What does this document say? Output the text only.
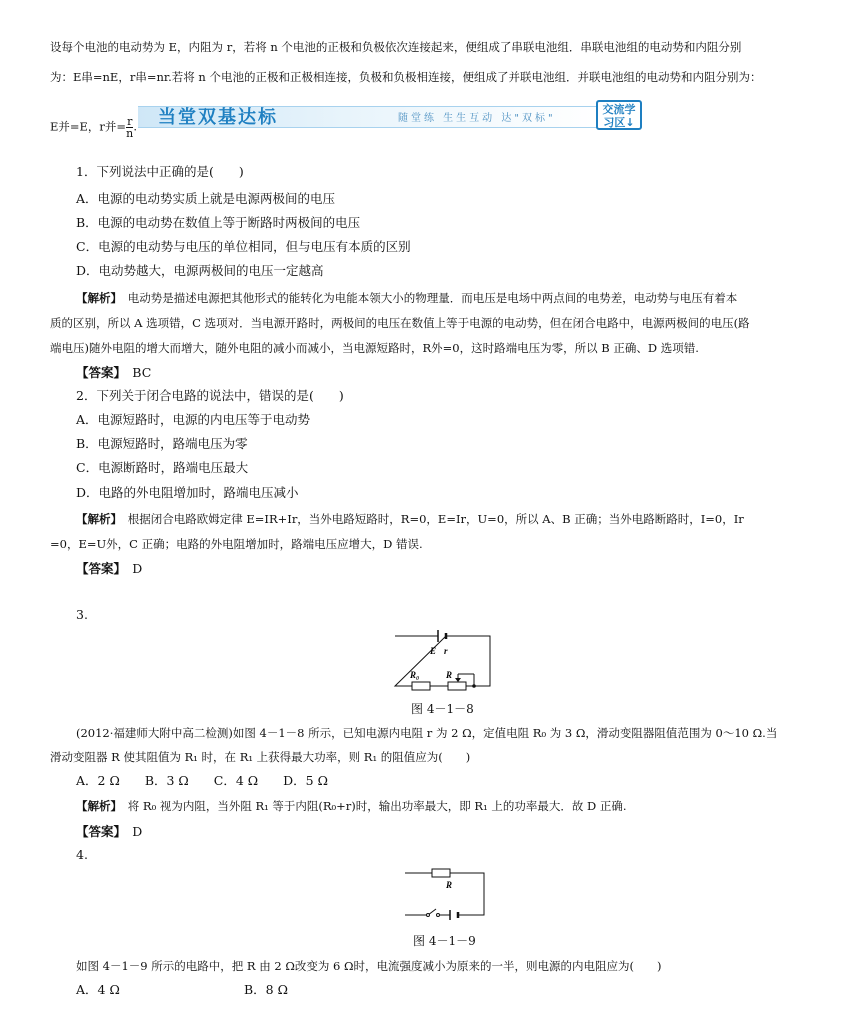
设每个电池的电动势为 E，内阻为 r，若将 n 个电池的正极和负极依次连接起来，便组成了串联电池组．串联电池组的电动势和内阻分别
为：E串=nE，r串=nr.若将 n 个电池的正极和正极相连接，负极和负极相连接，便组成了并联电池组．并联电池组的电动势和内阻分别为：
E并=E，r并= $\frac{r}{n}$ .	当堂双基达标	随堂练 生生互动 达"双标"
交流学
习区↓
1．下列说法中正确的是(　　)
A．电源的电动势实质上就是电源两极间的电压
B．电源的电动势在数值上等于断路时两极间的电压
C．电源的电动势与电压的单位相同，但与电压有本质的区别
D．电动势越大，电源两极间的电压一定越高
【解析】　 电动势是描述电源把其他形式的能转化为电能本领大小的物理量．而电压是电场中两点间的电势差，电动势与电压有着本
质的区别，所以 A 选项错，C 选项对．当电源开路时，两极间的电压在数值上等于电源的电动势，但在闭合电路中，电源两极间的电压(路
端电压)随外电阻的增大而增大，随外电阻的减小而减小，当电源短路时，R外=0，这时路端电压为零，所以 B 正确、D 选项错.
【答案】　 BC
2．下列关于闭合电路的说法中，错误的是(　　)
A．电源短路时，电源的内电压等于电动势
B．电源短路时，路端电压为零
C．电源断路时，路端电压最大
D．电路的外电阻增加时，路端电压减小
【解析】　 根据闭合电路欧姆定律 E=IR+Ir，当外电路短路时，R=0，E=Ir，U=0，所以 A、B 正确；当外电路断路时，I=0，Ir
=0，E=U外，C 正确；电路的外电阻增加时，路端电压应增大，D 错误.
【答案】　 D
3.
E r
R₀	R
图 4－1－8
(2012·福建师大附中高二检测)如图 4－1－8 所示，已知电源内电阻 r 为 2 Ω，定值电阻 R₀ 为 3 Ω，滑动变阻器阻值范围为 0～10 Ω.当
滑动变阻器 R 使其阻值为 R₁ 时，在 R₁ 上获得最大功率，则 R₁ 的阻值应为(　　)
A．2 Ω　　B．3 Ω　　C．4 Ω　　D．5 Ω
【解析】　 将 R₀ 视为内阻，当外阻 R₁ 等于内阻(R₀+r)时，输出功率最大，即 R₁ 上的功率最大．故 D 正确.
【答案】　 D
4.
R
图 4－1－9
如图 4－1－9 所示的电路中，把 R 由 2 Ω改变为 6 Ω时，电流强度减小为原来的一半，则电源的内电阻应为(　　)
A．4 Ω	B．8 Ω
